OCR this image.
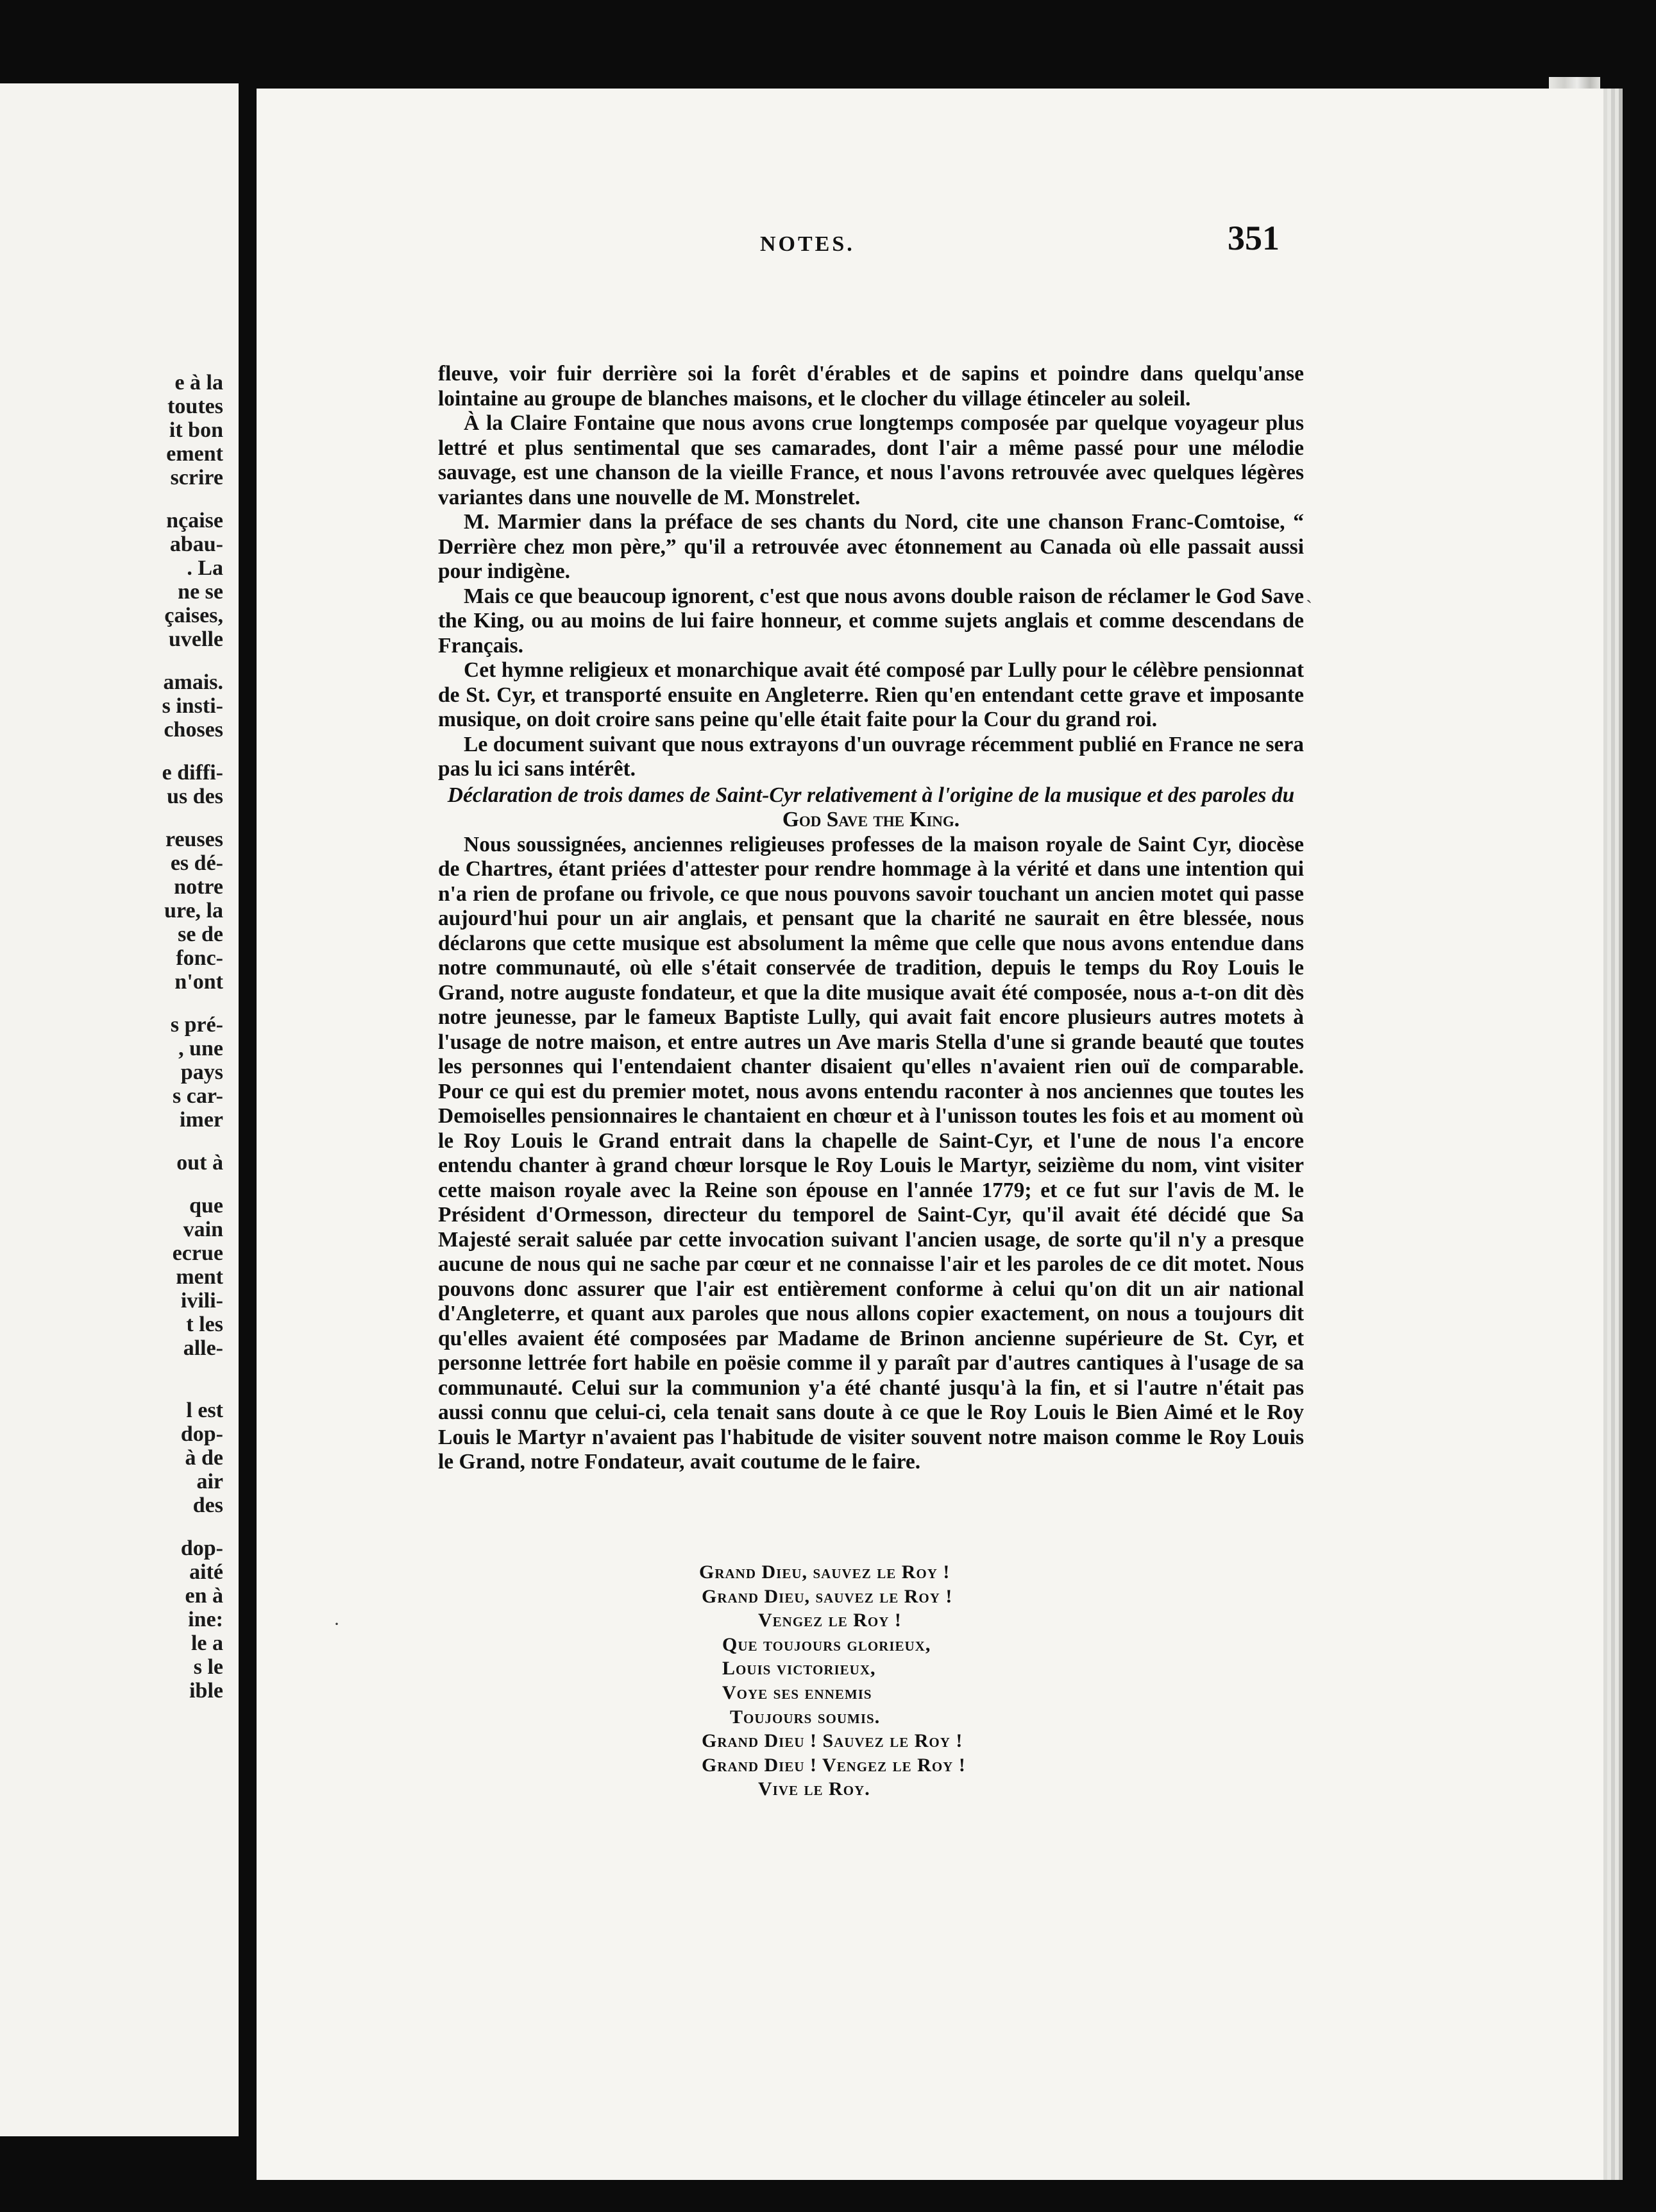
e à la
toutes
it bon
ement
scrire
nçaise
abau-
. La
ne se
çaises,
uvelle
amais.
s insti-
choses
e diffi-
us des
reuses
es dé-
notre
ure, la
se de
fonc-
n'ont
s pré-
, une
pays
s car-
imer
out à
que
vain
ecrue
ment
ivili-
t les
alle-
l est
dop-
à de
air
des
dop-
aité
en à
ine:
le a
s le
ible
NOTES.	351

fleuve, voir fuir derrière soi la forêt d'érables et de sapins et poindre dans quelqu'anse lointaine au groupe de blanches maisons, et le clocher du village étinceler au soleil.

À la Claire Fontaine que nous avons crue longtemps composée par quelque voyageur plus lettré et plus sentimental que ses camarades, dont l'air a même passé pour une mélodie sauvage, est une chanson de la vieille France, et nous l'avons retrouvée avec quelques légères variantes dans une nouvelle de M. Monstrelet.

M. Marmier dans la préface de ses chants du Nord, cite une chanson Franc-Comtoise, “ Derrière chez mon père,” qu'il a retrouvée avec étonnement au Canada où elle passait aussi pour indigène.

Mais ce que beaucoup ignorent, c'est que nous avons double raison de réclamer le God Save the King, ou au moins de lui faire honneur, et comme sujets anglais et comme descendans de Français.

Cet hymne religieux et monarchique avait été composé par Lully pour le célèbre pensionnat de St. Cyr, et transporté ensuite en Angleterre. Rien qu'en entendant cette grave et imposante musique, on doit croire sans peine qu'elle était faite pour la Cour du grand roi.

Le document suivant que nous extrayons d'un ouvrage récemment publié en France ne sera pas lu ici sans intérêt.

Déclaration de trois dames de Saint-Cyr relativement à l'origine de la musique et des paroles du God Save the King.

Nous soussignées, anciennes religieuses professes de la maison royale de Saint Cyr, diocèse de Chartres, étant priées d'attester pour rendre hommage à la vérité et dans une intention qui n'a rien de profane ou frivole, ce que nous pouvons savoir touchant un ancien motet qui passe aujourd'hui pour un air anglais, et pensant que la charité ne saurait en être blessée, nous déclarons que cette musique est absolument la même que celle que nous avons entendue dans notre communauté, où elle s'était conservée de tradition, depuis le temps du Roy Louis le Grand, notre auguste fondateur, et que la dite musique avait été composée, nous a-t-on dit dès notre jeunesse, par le fameux Baptiste Lully, qui avait fait encore plusieurs autres motets à l'usage de notre maison, et entre autres un Ave maris Stella d'une si grande beauté que toutes les personnes qui l'entendaient chanter disaient qu'elles n'avaient rien ouï de comparable. Pour ce qui est du premier motet, nous avons entendu raconter à nos anciennes que toutes les Demoiselles pensionnaires le chantaient en chœur et à l'unisson toutes les fois et au moment où le Roy Louis le Grand entrait dans la chapelle de Saint-Cyr, et l'une de nous l'a encore entendu chanter à grand chœur lorsque le Roy Louis le Martyr, seizième du nom, vint visiter cette maison royale avec la Reine son épouse en l'année 1779; et ce fut sur l'avis de M. le Président d'Ormesson, directeur du temporel de Saint-Cyr, qu'il avait été décidé que Sa Majesté serait saluée par cette invocation suivant l'ancien usage, de sorte qu'il n'y a presque aucune de nous qui ne sache par cœur et ne connaisse l'air et les paroles de ce dit motet. Nous pouvons donc assurer que l'air est entièrement conforme à celui qu'on dit un air national d'Angleterre, et quant aux paroles que nous allons copier exactement, on nous a toujours dit qu'elles avaient été composées par Madame de Brinon ancienne supérieure de St. Cyr, et personne lettrée fort habile en poësie comme il y paraît par d'autres cantiques à l'usage de sa communauté. Celui sur la communion y'a été chanté jusqu'à la fin, et si l'autre n'était pas aussi connu que celui-ci, cela tenait sans doute à ce que le Roy Louis le Bien Aimé et le Roy Louis le Martyr n'avaient pas l'habitude de visiter souvent notre maison comme le Roy Louis le Grand, notre Fondateur, avait coutume de le faire.

Grand Dieu, sauvez le Roy !
Grand Dieu, sauvez le Roy !
Vengez le Roy !
Que toujours glorieux,
Louis victorieux,
Voye ses ennemis
Toujours soumis.
Grand Dieu ! Sauvez le Roy !
Grand Dieu ! Vengez le Roy !
Vive le Roy.
ˋ
·
